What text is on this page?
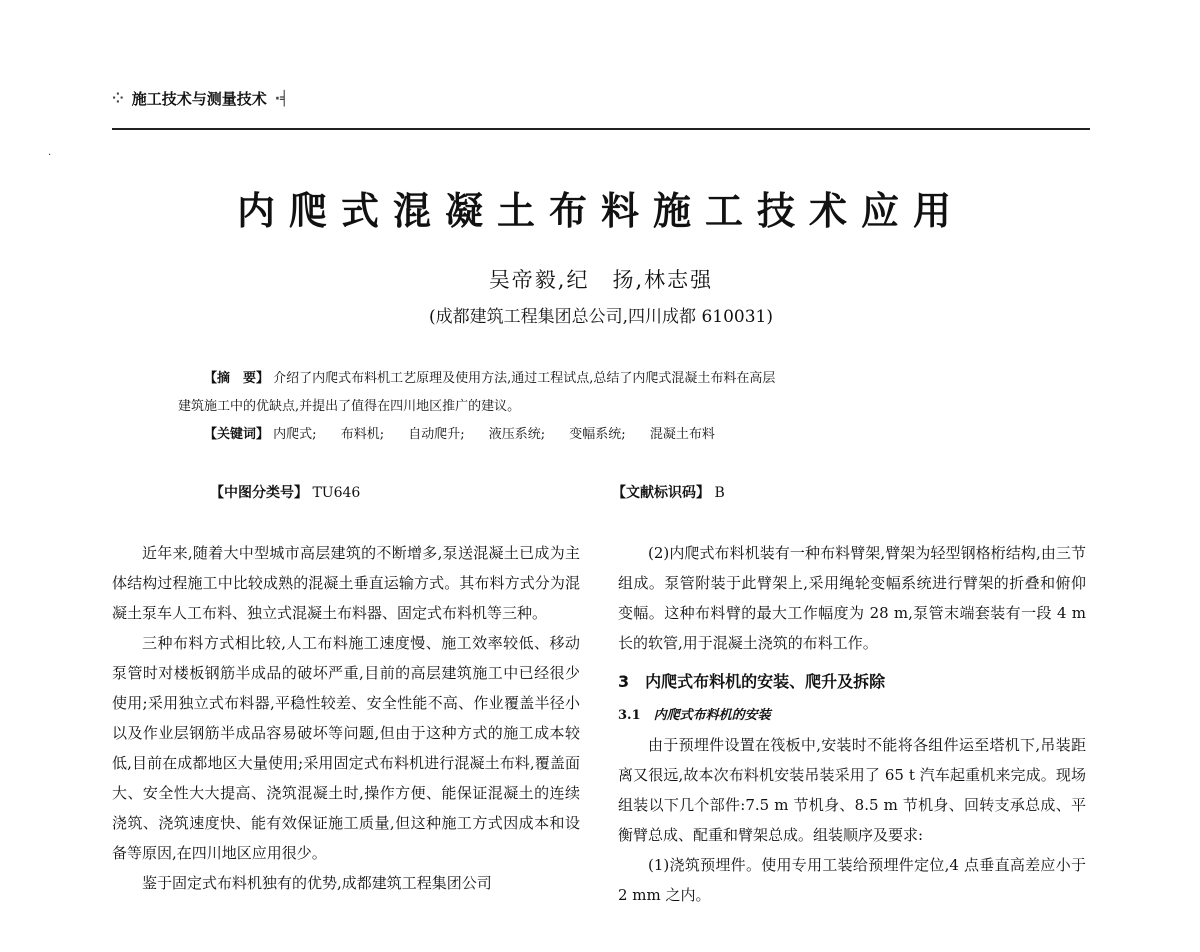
⁘ 施工技术与测量技术 ·╡
·
内爬式混凝土布料施工技术应用
吴帝毅,纪　扬,林志强
(成都建筑工程集团总公司,四川成都 610031)
【摘　要】 介绍了内爬式布料机工艺原理及使用方法,通过工程试点,总结了内爬式混凝土布料在高层
建筑施工中的优缺点,并提出了值得在四川地区推广的建议。
【关键词】 内爬式; 布料机; 自动爬升; 液压系统; 变幅系统; 混凝土布料
【中图分类号】 TU646	【文献标识码】 B

近年来,随着大中型城市高层建筑的不断增多,泵送混凝土已成为主体结构过程施工中比较成熟的混凝土垂直运输方式。其布料方式分为混凝土泵车人工布料、独立式混凝土布料器、固定式布料机等三种。

三种布料方式相比较,人工布料施工速度慢、施工效率较低、移动泵管时对楼板钢筋半成品的破坏严重,目前的高层建筑施工中已经很少使用;采用独立式布料器,平稳性较差、安全性能不高、作业覆盖半径小以及作业层钢筋半成品容易破坏等问题,但由于这种方式的施工成本较低,目前在成都地区大量使用;采用固定式布料机进行混凝土布料,覆盖面大、安全性大大提高、浇筑混凝土时,操作方便、能保证混凝土的连续浇筑、浇筑速度快、能有效保证施工质量,但这种施工方式因成本和设备等原因,在四川地区应用很少。

鉴于固定式布料机独有的优势,成都建筑工程集团公司

(2)内爬式布料机装有一种布料臂架,臂架为轻型钢格桁结构,由三节组成。泵管附装于此臂架上,采用绳轮变幅系统进行臂架的折叠和俯仰变幅。这种布料臂的最大工作幅度为 28 m,泵管末端套装有一段 4 m 长的软管,用于混凝土浇筑的布料工作。

3　内爬式布料机的安装、爬升及拆除

3.1　 内爬式布料机的安装

由于预埋件设置在筏板中,安装时不能将各组件运至塔机下,吊装距离又很远,故本次布料机安装吊装采用了 65 t 汽车起重机来完成。现场组装以下几个部件:7.5 m 节机身、8.5 m 节机身、回转支承总成、平衡臂总成、配重和臂架总成。组装顺序及要求:

(1)浇筑预埋件。使用专用工装给预埋件定位,4 点垂直高差应小于 2 mm 之内。
